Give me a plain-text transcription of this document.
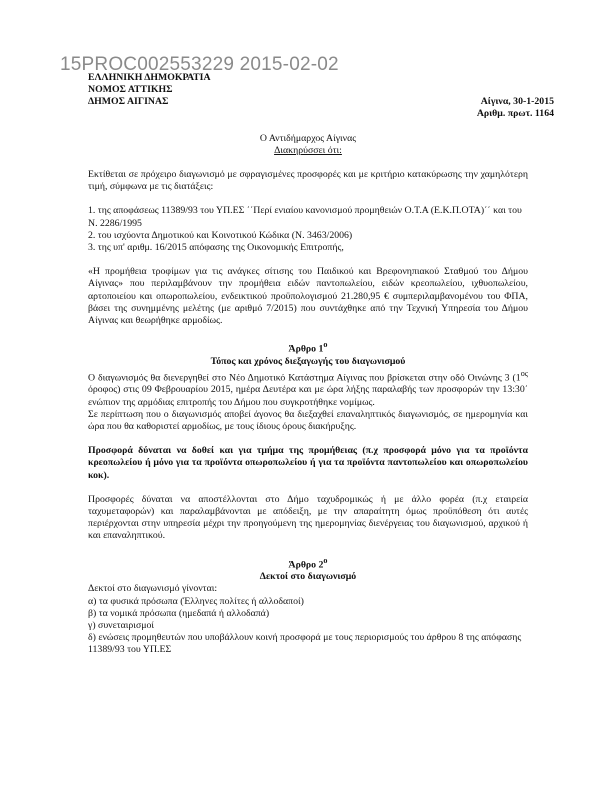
15PROC002553229 2015-02-02

ΕΛΛΗΝΙΚΗ ΔΗΜΟΚΡΑΤΙΑ

ΝΟΜΟΣ ΑΤΤΙΚΗΣ

ΔΗΜΟΣ ΑΙΓΙΝΑΣ	Αίγινα, 30-1-2015

Αριθμ. πρωτ. 1164

Ο Αντιδήμαρχος Αίγινας

Διακηρύσσει ότι:

Εκτίθεται σε πρόχειρο διαγωνισμό με σφραγισμένες προσφορές και με κριτήριο κατακύρωσης την χαμηλότερη τιμή, σύμφωνα με τις διατάξεις:

1. της αποφάσεως 11389/93 του ΥΠ.ΕΣ ΄΄Περί ενιαίου κανονισμού προμηθειών Ο.Τ.Α (Ε.Κ.Π.ΟΤΑ)΄΄ και του Ν. 2286/1995

2. του ισχύοντα Δημοτικού και Κοινοτικού Κώδικα (Ν. 3463/2006)

3. της υπ' αριθμ. 16/2015 απόφασης της Οικονομικής Επιτροπής,

«Η προμήθεια τροφίμων για τις ανάγκες σίτισης του Παιδικού και Βρεφονηπιακού Σταθμού του Δήμου Αίγινας» που περιλαμβάνουν την προμήθεια ειδών παντοπωλείου, ειδών κρεοπωλείου, ιχθυοπωλείου, αρτοποιείου και οπωροπωλείου, ενδεικτικού προϋπολογισμού 21.280,95 € συμπεριλαμβανομένου του ΦΠΑ, βάσει της συνημμένης μελέτης (με αριθμό 7/2015) που συντάχθηκε από την Τεχνική Υπηρεσία του Δήμου Αίγινας και θεωρήθηκε αρμοδίως.

Άρθρο $1^o$

Τόπος και χρόνος διεξαγωγής του διαγωνισμού

Ο διαγωνισμός θα διενεργηθεί στο Νέο Δημοτικό Κατάστημα Αίγινας που βρίσκεται στην οδό Οινώνης 3 ($1^{o\varsigma}$ όροφος) στις 09 Φεβρουαρίου 2015, ημέρα Δευτέρα και με ώρα λήξης παραλαβής των προσφορών την 13:30΄ ενώπιον της αρμόδιας επιτροπής του Δήμου που συγκροτήθηκε νομίμως.

Σε περίπτωση που ο διαγωνισμός αποβεί άγονος θα διεξαχθεί επαναληπτικός διαγωνισμός, σε ημερομηνία και ώρα που θα καθοριστεί αρμοδίως, με τους ίδιους όρους διακήρυξης.

Προσφορά δύναται να δοθεί και για τμήμα της προμήθειας (π.χ προσφορά μόνο για τα προϊόντα κρεοπωλείου ή μόνο για τα προϊόντα οπωροπωλείου ή για τα προϊόντα παντοπωλείου και οπωροπωλείου κοκ).

Προσφορές δύναται να αποστέλλονται στο Δήμο ταχυδρομικώς ή με άλλο φορέα (π.χ εταιρεία ταχυμεταφορών) και παραλαμβάνονται με απόδειξη, με την απαραίτητη όμως προϋπόθεση ότι αυτές περιέρχονται στην υπηρεσία μέχρι την προηγούμενη της ημερομηνίας διενέργειας του διαγωνισμού, αρχικού ή και επαναληπτικού.

Άρθρο $2^o$

Δεκτοί στο διαγωνισμό

Δεκτοί στο διαγωνισμό γίνονται:

α) τα φυσικά πρόσωπα (Έλληνες πολίτες ή αλλοδαποί)

β) τα νομικά πρόσωπα (ημεδαπά ή αλλοδαπά)

γ) συνεταιρισμοί

δ) ενώσεις προμηθευτών που υποβάλλουν κοινή προσφορά με τους περιορισμούς του άρθρου 8 της απόφασης 11389/93 του ΥΠ.ΕΣ
